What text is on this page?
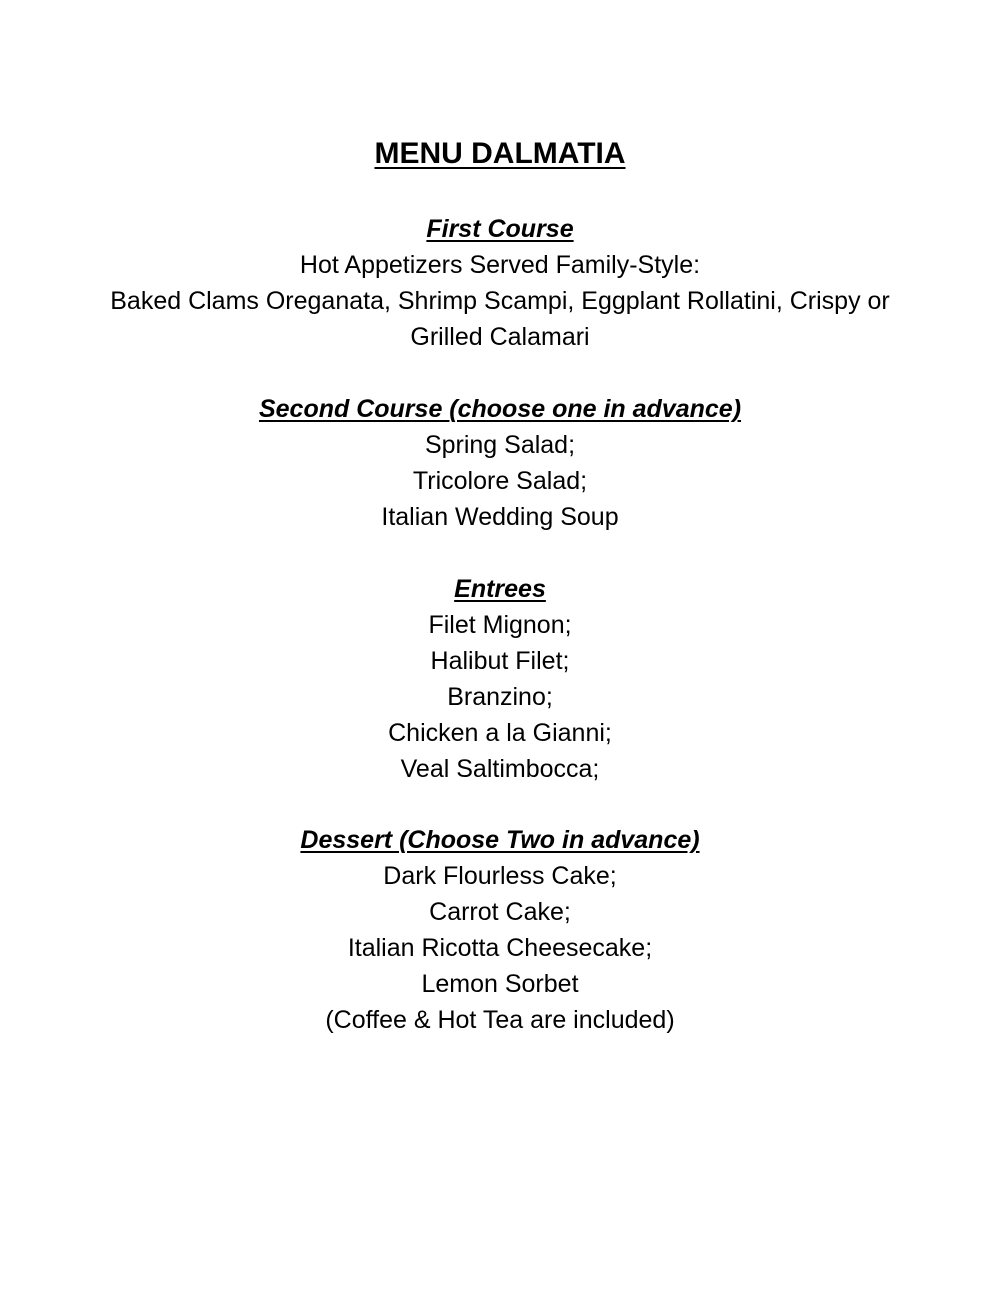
MENU DALMATIA

First Course

Hot Appetizers Served Family-Style:

Baked Clams Oreganata, Shrimp Scampi, Eggplant Rollatini, Crispy or

Grilled Calamari

Second Course (choose one in advance)

Spring Salad;

Tricolore Salad;

Italian Wedding Soup

Entrees

Filet Mignon;

Halibut Filet;

Branzino;

Chicken a la Gianni;

Veal Saltimbocca;

Dessert (Choose Two in advance)

Dark Flourless Cake;

Carrot Cake;

Italian Ricotta Cheesecake;

Lemon Sorbet

(Coffee & Hot Tea are included)
